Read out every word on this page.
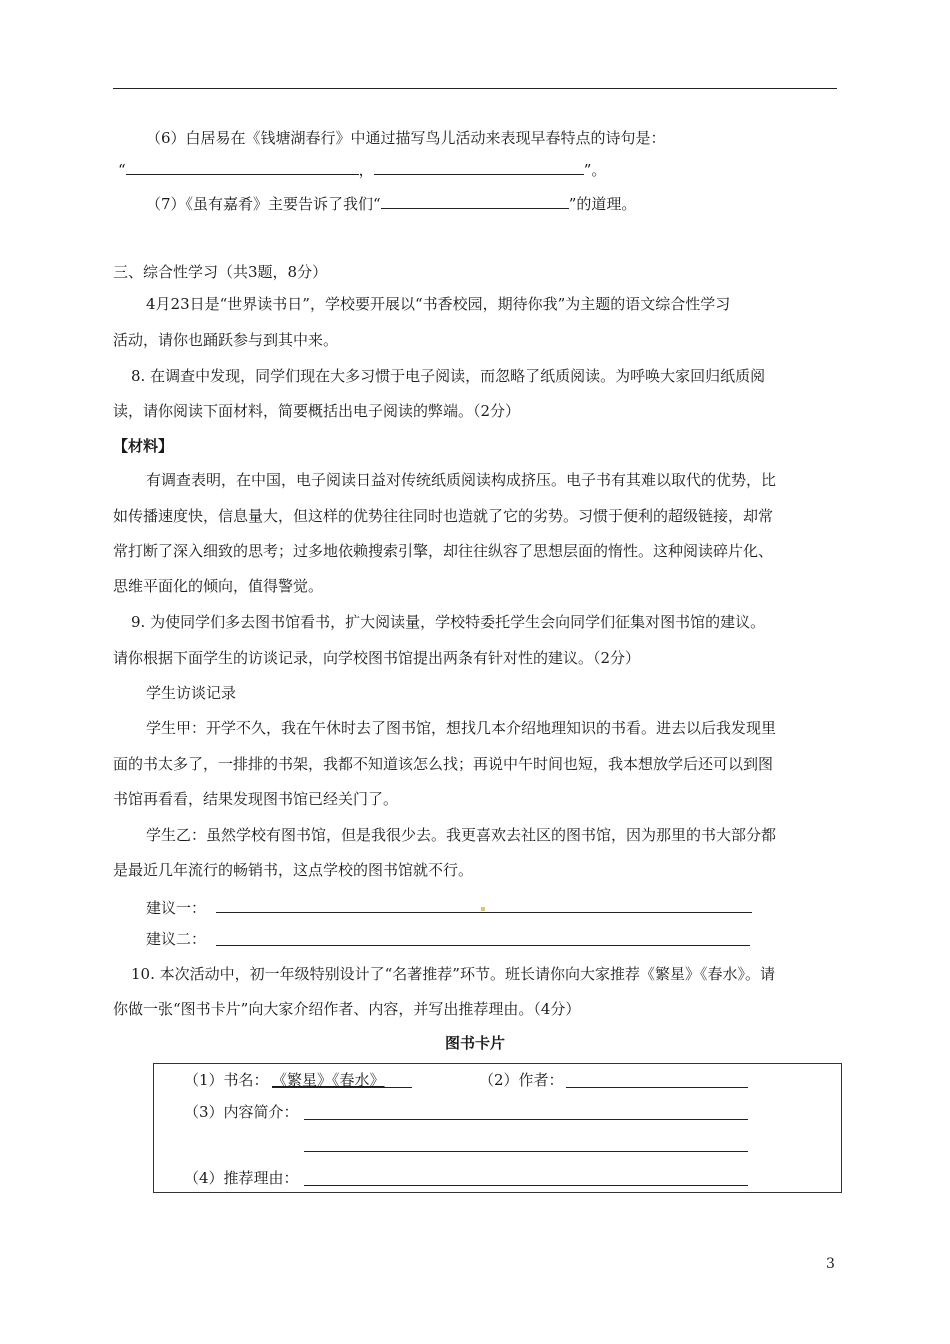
（6）白居易在《钱塘湖春行》中通过描写鸟儿活动来表现早春特点的诗句是：
“	，	”。
（7）《虽有嘉肴》主要告诉了我们“	”的道理。
三、综合性学习（共3题，8分）
4月23日是“世界读书日”，学校要开展以“书香校园，期待你我”为主题的语文综合性学习
活动，请你也踊跃参与到其中来。
8. 在调查中发现，同学们现在大多习惯于电子阅读，而忽略了纸质阅读。为呼唤大家回归纸质阅
读，请你阅读下面材料，简要概括出电子阅读的弊端。（2分）
【材料】
有调查表明，在中国，电子阅读日益对传统纸质阅读构成挤压。电子书有其难以取代的优势，比
如传播速度快，信息量大，但这样的优势往往同时也造就了它的劣势。习惯于便利的超级链接，却常
常打断了深入细致的思考；过多地依赖搜索引擎，却往往纵容了思想层面的惰性。这种阅读碎片化、
思维平面化的倾向，值得警觉。
9. 为使同学们多去图书馆看书，扩大阅读量，学校特委托学生会向同学们征集对图书馆的建议。
请你根据下面学生的访谈记录，向学校图书馆提出两条有针对性的建议。（2分）
学生访谈记录
学生甲：开学不久，我在午休时去了图书馆，想找几本介绍地理知识的书看。进去以后我发现里
面的书太多了，一排排的书架，我都不知道该怎么找；再说中午时间也短，我本想放学后还可以到图
书馆再看看，结果发现图书馆已经关门了。
学生乙：虽然学校有图书馆，但是我很少去。我更喜欢去社区的图书馆，因为那里的书大部分都
是最近几年流行的畅销书，这点学校的图书馆就不行。
建议一：
建议二：
10. 本次活动中，初一年级特别设计了“名著推荐”环节。班长请你向大家推荐《繁星》《春水》。请
你做一张“图书卡片”向大家介绍作者、内容，并写出推荐理由。（4分）
图书卡片
（1）书名： 《繁星》《春水》	（2）作者：
（3）内容简介：
（4）推荐理由：
3
